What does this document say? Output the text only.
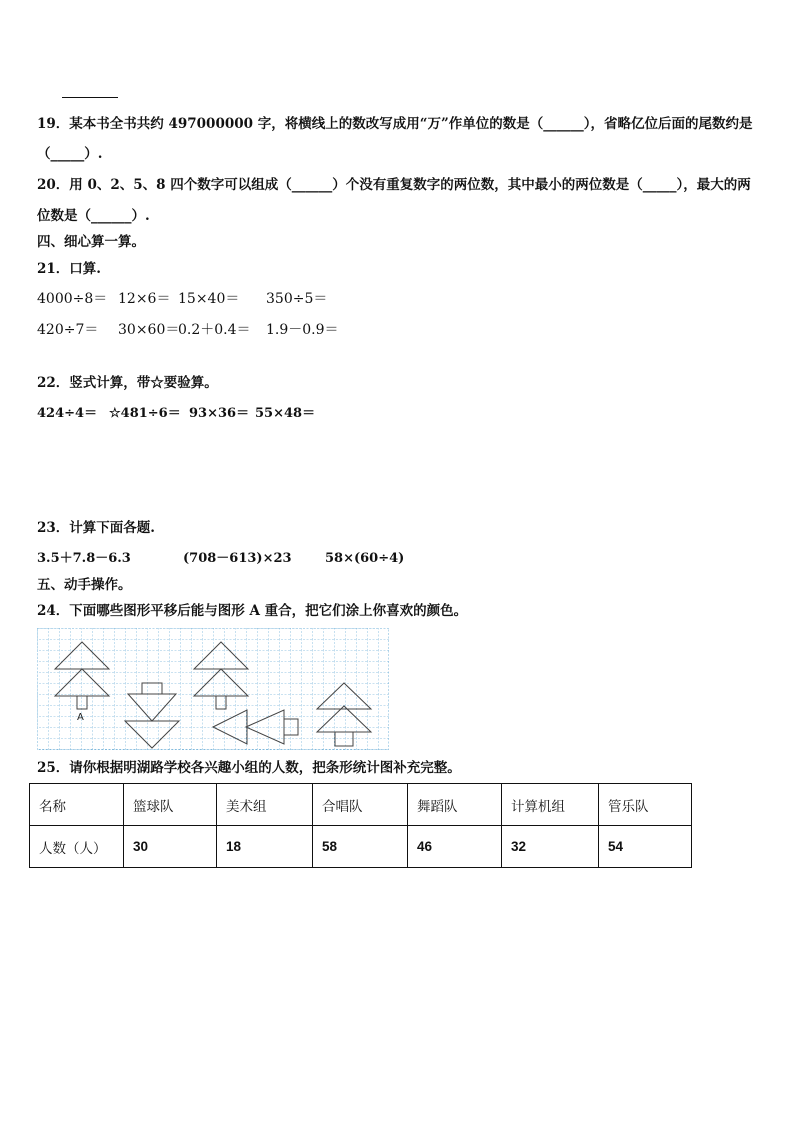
19．某本书全书共约 497000000 字，将横线上的数改写成用“万”作单位的数是（______），省略亿位后面的尾数约是
（_____）.
20．用 0、2、5、8 四个数字可以组成（______）个没有重复数字的两位数，其中最小的两位数是（_____），最大的两
位数是（______）.
四、细心算一算。
21．口算.
4000÷8＝ 12×6＝ 15×40＝ 350÷5＝
420÷7＝ 30×60＝0.2＋0.4＝ 1.9－0.9＝
22．竖式计算，带☆要验算。
424÷4＝ ☆481÷6＝ 93×36＝ 55×48＝
23．计算下面各题.
3.5＋7.8－6.3	(708－613)×23	58×(60÷4)
五、动手操作。
24．下面哪些图形平移后能与图形 A 重合，把它们涂上你喜欢的颜色。
A
25．请你根据明湖路学校各兴趣小组的人数，把条形统计图补充完整。
名称	篮球队	美术组	合唱队	舞蹈队	计算机组	管乐队
人数（人）	30	18	58	46	32	54
